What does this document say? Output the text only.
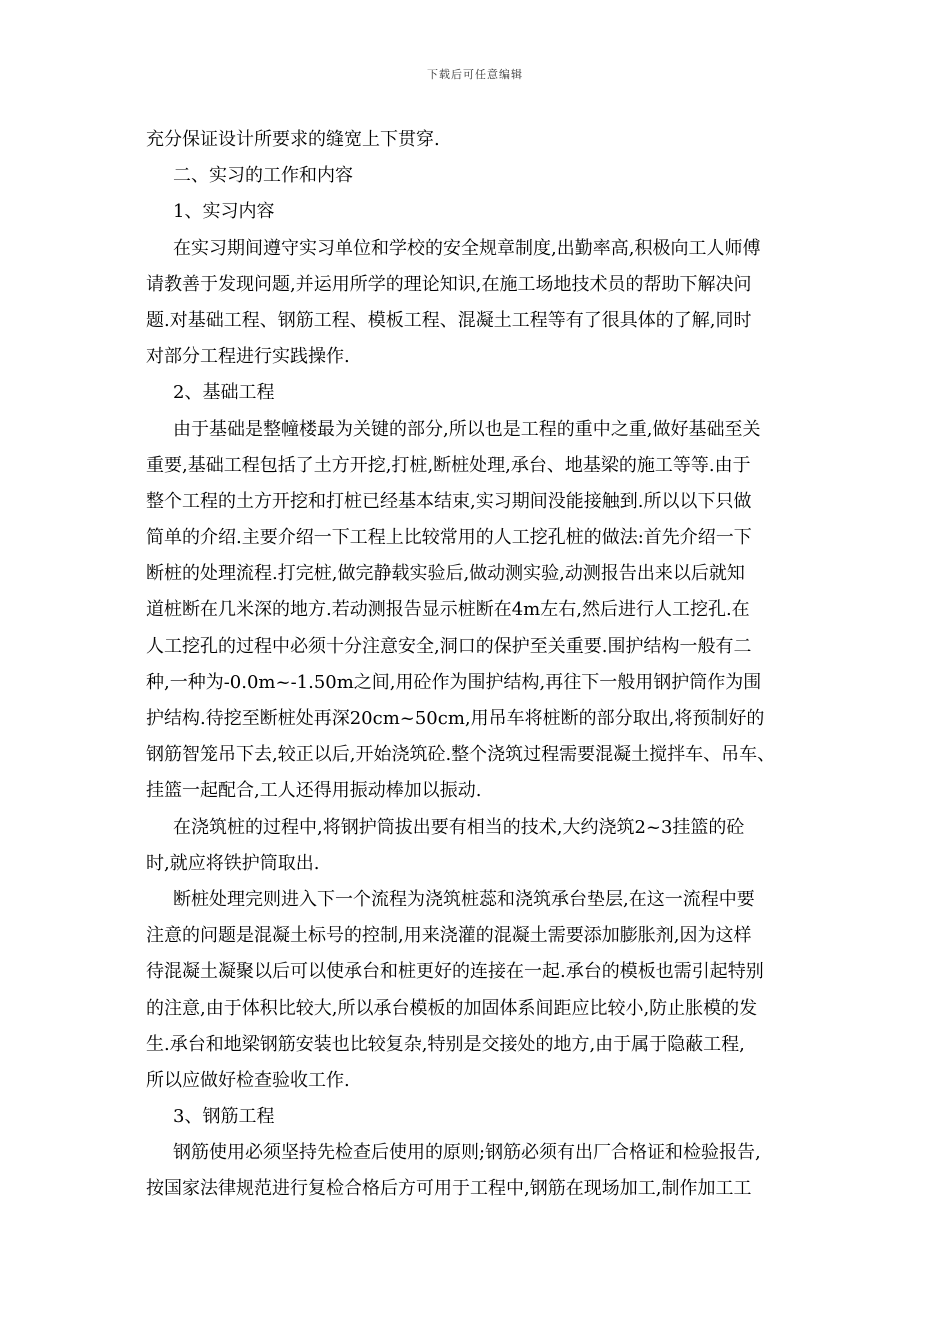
下载后可任意编辑
充分保证设计所要求的缝宽上下贯穿.
二、实习的工作和内容
1、实习内容
在实习期间遵守实习单位和学校的安全规章制度,出勤率高,积极向工人师傅
请教善于发现问题,并运用所学的理论知识,在施工场地技术员的帮助下解决问
题.对基础工程、钢筋工程、模板工程、混凝土工程等有了很具体的了解,同时
对部分工程进行实践操作.
2、基础工程
由于基础是整幢楼最为关键的部分,所以也是工程的重中之重,做好基础至关
重要,基础工程包括了土方开挖,打桩,断桩处理,承台、地基梁的施工等等.由于
整个工程的土方开挖和打桩已经基本结束,实习期间没能接触到.所以以下只做
简单的介绍.主要介绍一下工程上比较常用的人工挖孔桩的做法:首先介绍一下
断桩的处理流程.打完桩,做完静载实验后,做动测实验,动测报告出来以后就知
道桩断在几米深的地方.若动测报告显示桩断在4m左右,然后进行人工挖孔.在
人工挖孔的过程中必须十分注意安全,洞口的保护至关重要.围护结构一般有二
种,一种为-0.0m~-1.50m之间,用砼作为围护结构,再往下一般用钢护筒作为围
护结构.待挖至断桩处再深20cm~50cm,用吊车将桩断的部分取出,将预制好的
钢筋智笼吊下去,较正以后,开始浇筑砼.整个浇筑过程需要混凝土搅拌车、吊车、
挂篮一起配合,工人还得用振动棒加以振动.
在浇筑桩的过程中,将钢护筒拔出要有相当的技术,大约浇筑2~3挂篮的砼
时,就应将铁护筒取出.
断桩处理完则进入下一个流程为浇筑桩蕊和浇筑承台垫层,在这一流程中要
注意的问题是混凝土标号的控制,用来浇灌的混凝土需要添加膨胀剂,因为这样
待混凝土凝聚以后可以使承台和桩更好的连接在一起.承台的模板也需引起特别
的注意,由于体积比较大,所以承台模板的加固体系间距应比较小,防止胀模的发
生.承台和地梁钢筋安装也比较复杂,特别是交接处的地方,由于属于隐蔽工程,
所以应做好检查验收工作.
3、钢筋工程
钢筋使用必须坚持先检查后使用的原则;钢筋必须有出厂合格证和检验报告,
按国家法律规范进行复检合格后方可用于工程中,钢筋在现场加工,制作加工工
